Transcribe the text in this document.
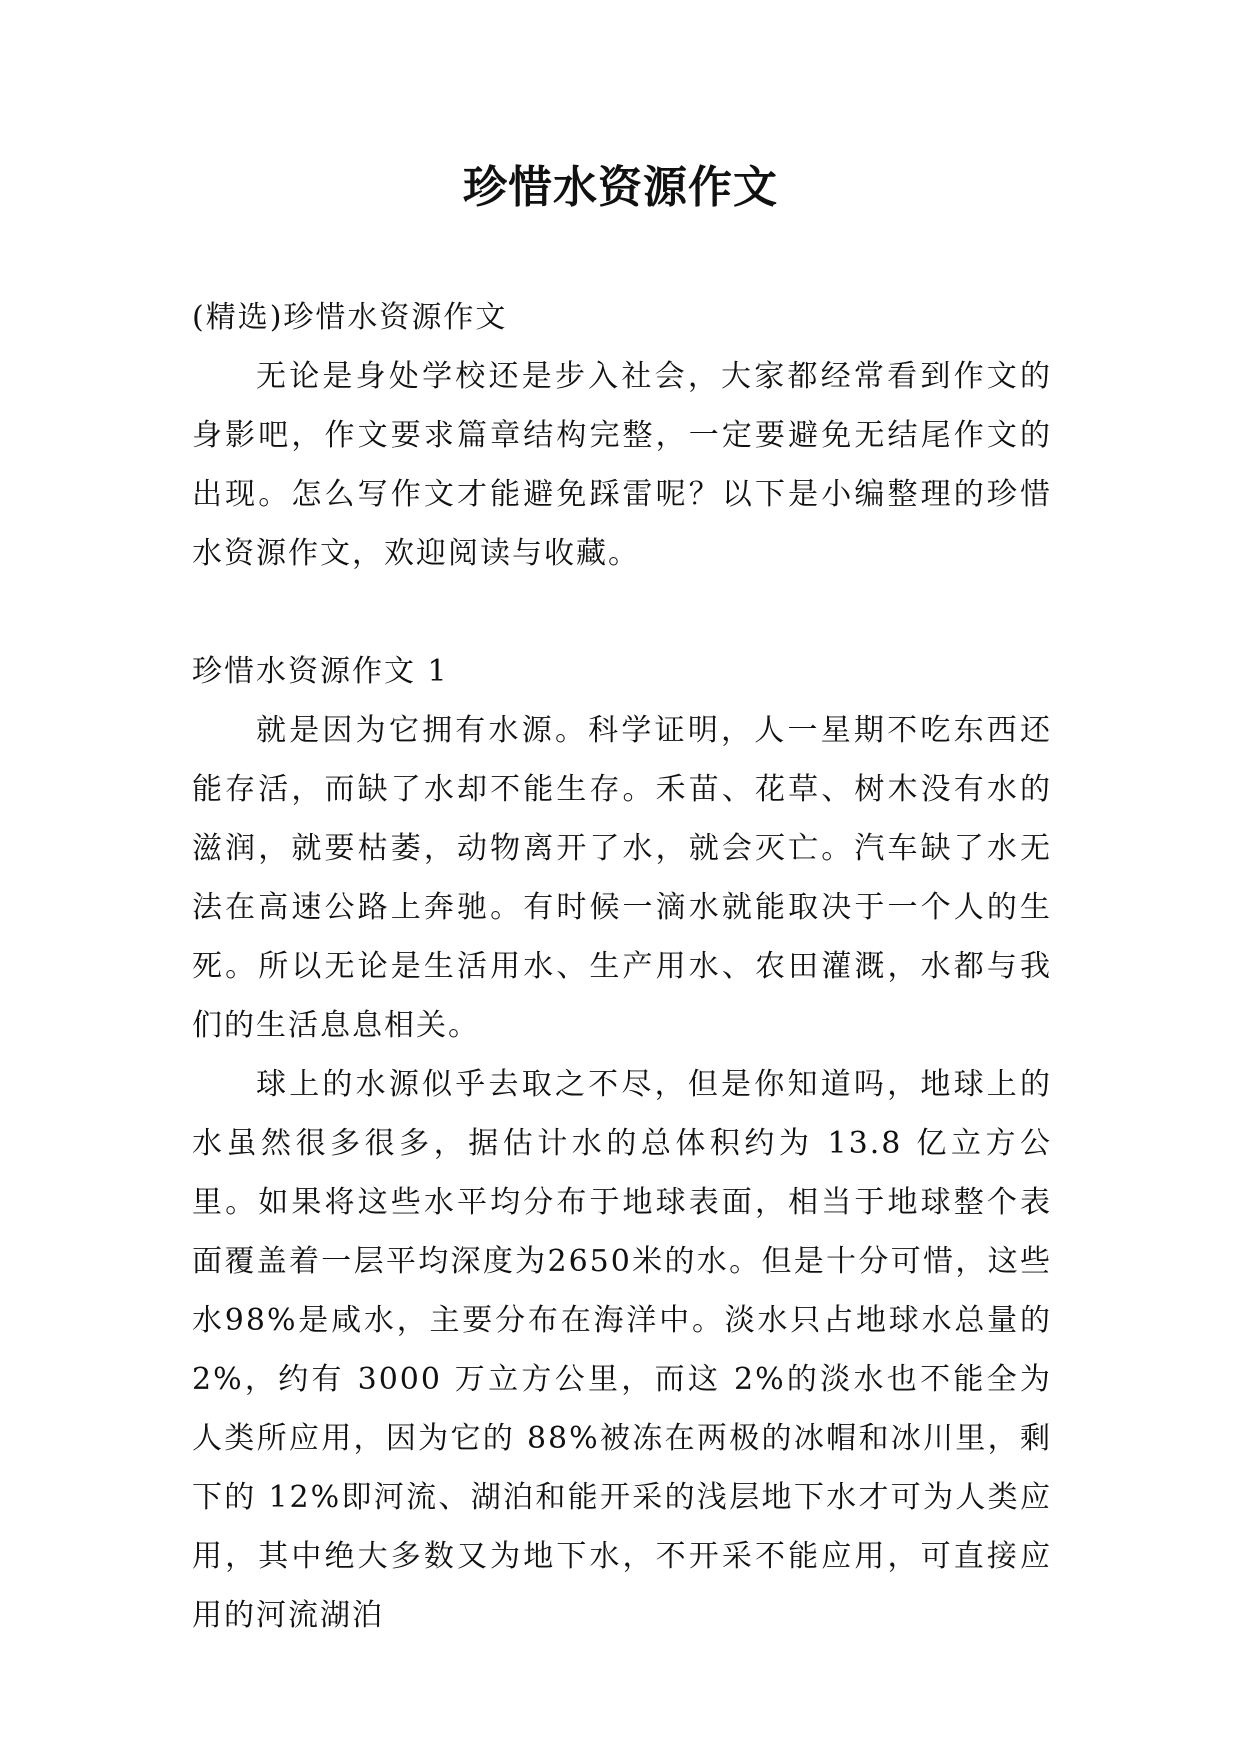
珍惜水资源作文

(精选)珍惜水资源作文

无论是身处学校还是步入社会，大家都经常看到作文的身影吧，作文要求篇章结构完整，一定要避免无结尾作文的出现。怎么写作文才能避免踩雷呢？以下是小编整理的珍惜水资源作文，欢迎阅读与收藏。

珍惜水资源作文 1

就是因为它拥有水源。科学证明，人一星期不吃东西还能存活，而缺了水却不能生存。禾苗、花草、树木没有水的滋润，就要枯萎，动物离开了水，就会灭亡。汽车缺了水无法在高速公路上奔驰。有时候一滴水就能取决于一个人的生死。所以无论是生活用水、生产用水、农田灌溉，水都与我们的生活息息相关。

球上的水源似乎去取之不尽，但是你知道吗，地球上的水虽然很多很多，据估计水的总体积约为 13.8 亿立方公里。如果将这些水平均分布于地球表面，相当于地球整个表面覆盖着一层平均深度为2650米的水。但是十分可惜，这些水98%是咸水，主要分布在海洋中。淡水只占地球水总量的 2%，约有 3000 万立方公里，而这 2%的淡水也不能全为人类所应用，因为它的 88%被冻在两极的冰帽和冰川里，剩下的 12%即河流、湖泊和能开采的浅层地下水才可为人类应用，其中绝大多数又为地下水，不开采不能应用，可直接应用的河流湖泊
